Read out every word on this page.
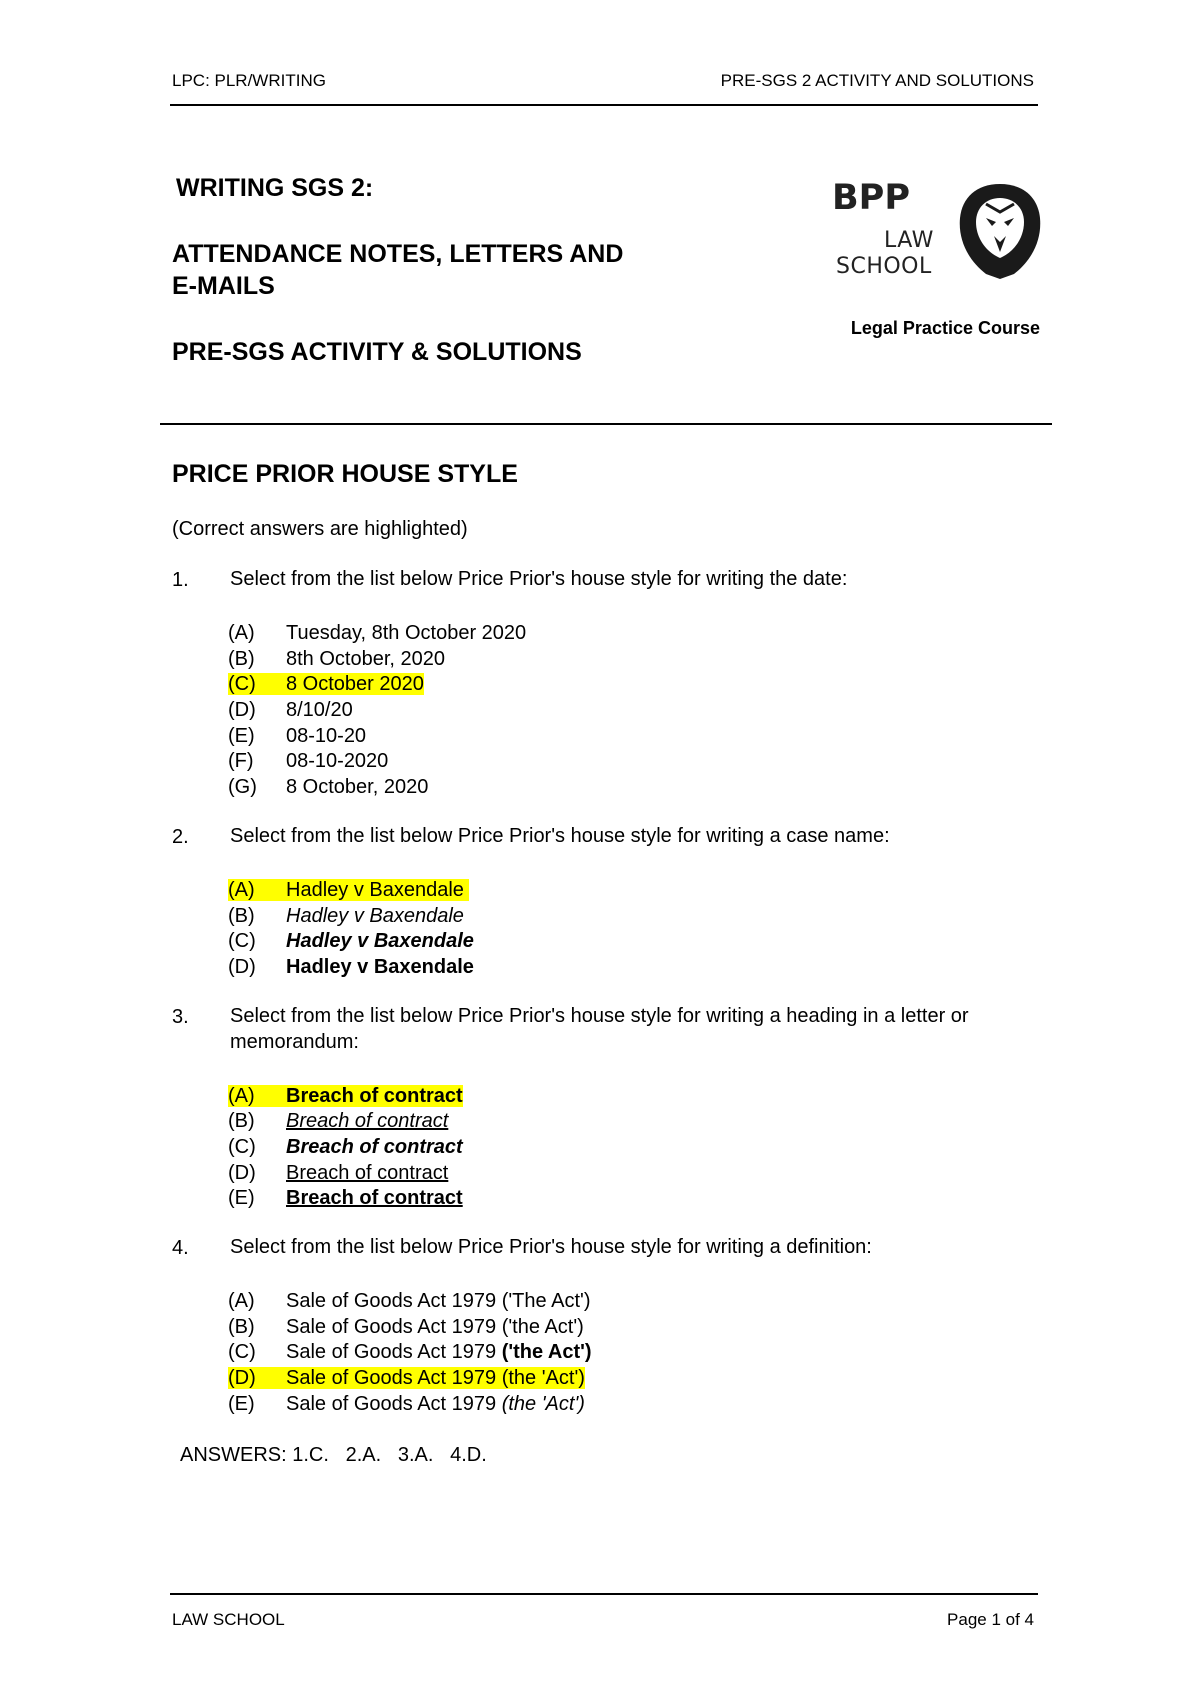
LPC: PLR/WRITING	PRE-SGS 2 ACTIVITY AND SOLUTIONS
WRITING SGS 2:
ATTENDANCE NOTES, LETTERS AND
E-MAILS
PRE-SGS ACTIVITY & SOLUTIONS
BPP
LAW
SCHOOL
Legal Practice Course
PRICE PRIOR HOUSE STYLE
(Correct answers are highlighted)
1. Select from the list below Price Prior's house style for writing the date:
(A) Tuesday, 8th October 2020
(B) 8th October, 2020
(C) 8 October 2020
(D) 8/10/20
(E) 08-10-20
(F) 08-10-2020
(G) 8 October, 2020
2. Select from the list below Price Prior's house style for writing a case name:
(A) Hadley v Baxendale
(B) Hadley v Baxendale
(C) Hadley v Baxendale
(D) Hadley v Baxendale
3. Select from the list below Price Prior's house style for writing a heading in a letter or memorandum:
(A) Breach of contract
(B) Breach of contract
(C) Breach of contract
(D) Breach of contract
(E) Breach of contract
4. Select from the list below Price Prior's house style for writing a definition:
(A) Sale of Goods Act 1979 ('The Act')
(B) Sale of Goods Act 1979 ('the Act')
(C) Sale of Goods Act 1979 ('the Act')
(D) Sale of Goods Act 1979 (the 'Act')
(E) Sale of Goods Act 1979 (the 'Act')
ANSWERS: 1.C.   2.A.   3.A.   4.D.
LAW SCHOOL	Page 1 of 4
